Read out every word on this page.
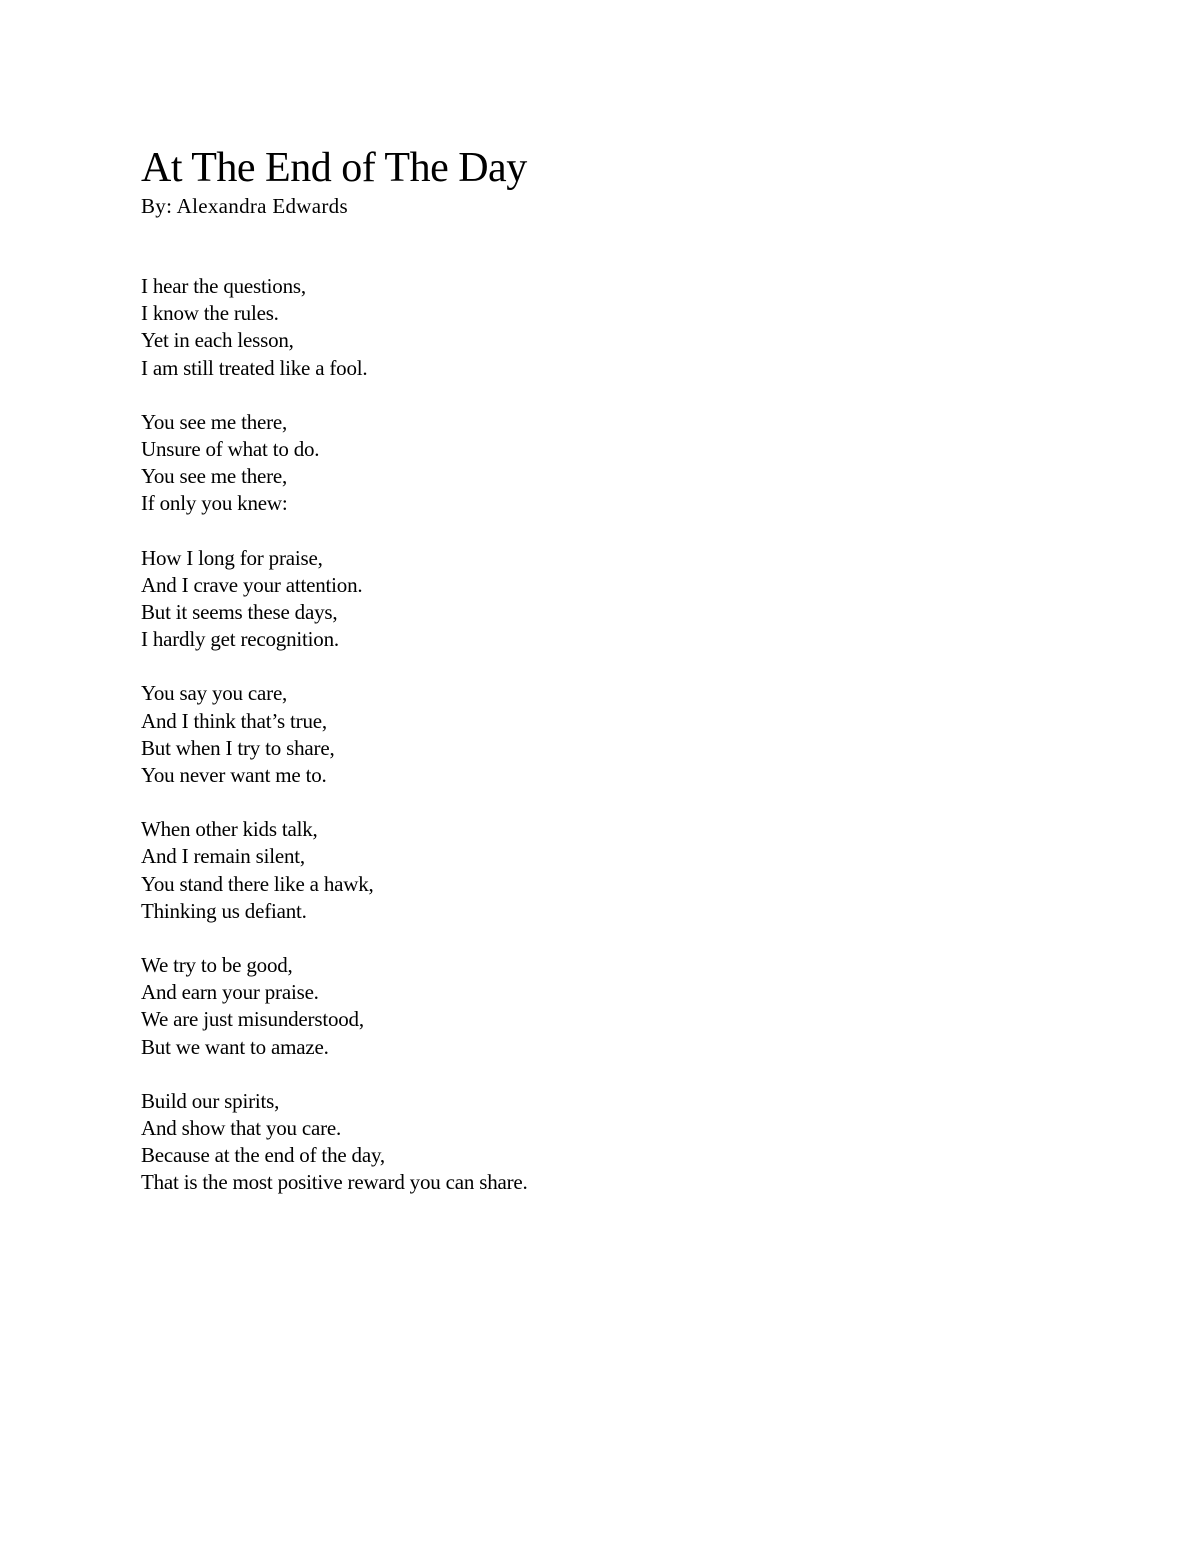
At The End of The Day

By: Alexandra Edwards

I hear the questions,
I know the rules.
Yet in each lesson,
I am still treated like a fool.
You see me there,
Unsure of what to do.
You see me there,
If only you knew:
How I long for praise,
And I crave your attention.
But it seems these days,
I hardly get recognition.
You say you care,
And I think that’s true,
But when I try to share,
You never want me to.
When other kids talk,
And I remain silent,
You stand there like a hawk,
Thinking us defiant.
We try to be good,
And earn your praise.
We are just misunderstood,
But we want to amaze.
Build our spirits,
And show that you care.
Because at the end of the day,
That is the most positive reward you can share.
